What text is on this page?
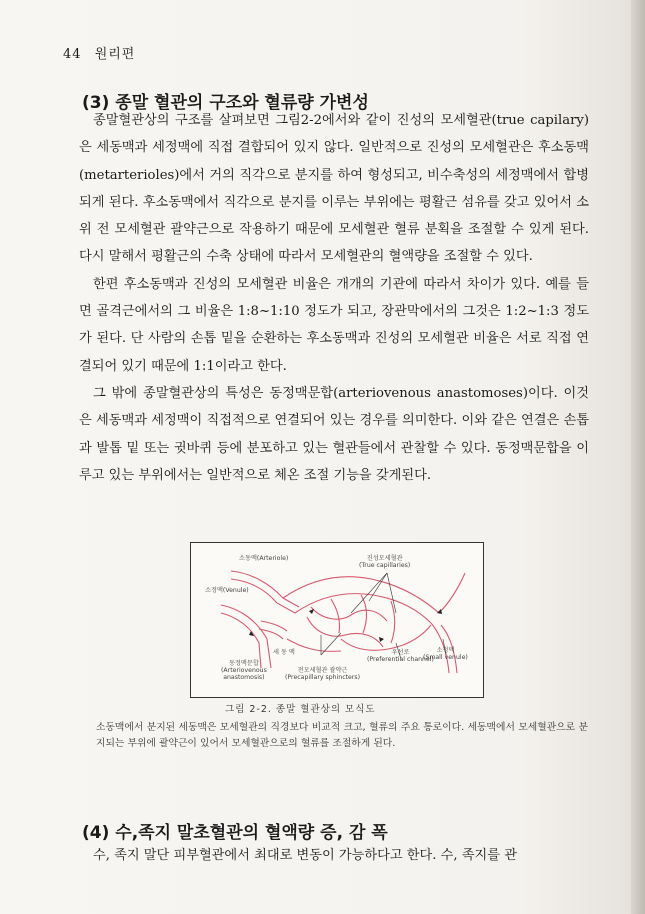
44 원리편
(3) 종말 혈관의 구조와 혈류량 가변성

종말혈관상의 구조를 살펴보면 그림2-2에서와 같이 진성의 모세혈관(true capilary)은 세동맥과 세정맥에 직접 결합되어 있지 않다. 일반적으로 진성의 모세혈관은 후소동맥(metarterioles)에서 거의 직각으로 분지를 하여 형성되고, 비수축성의 세정맥에서 합병되게 된다. 후소동맥에서 직각으로 분지를 이루는 부위에는 평활근 섬유를 갖고 있어서 소위 전 모세혈관 괄약근으로 작용하기 때문에 모세혈관 혈류 분획을 조절할 수 있게 된다. 다시 말해서 평활근의 수축 상태에 따라서 모세혈관의 혈액량을 조절할 수 있다.

한편 후소동맥과 진성의 모세혈관 비율은 개개의 기관에 따라서 차이가 있다. 예를 들면 골격근에서의 그 비율은 1:8~1:10 정도가 되고, 장관막에서의 그것은 1:2~1:3 정도가 된다. 단 사람의 손톱 밑을 순환하는 후소동맥과 진성의 모세혈관 비율은 서로 직접 연결되어 있기 때문에 1:1이라고 한다.

그 밖에 종말혈관상의 특성은 동정맥문합(arteriovenous anastomoses)이다. 이것은 세동맥과 세정맥이 직접적으로 연결되어 있는 경우를 의미한다. 이와 같은 연결은 손톱과 발톱 밑 또는 귓바퀴 등에 분포하고 있는 혈관들에서 관찰할 수 있다. 동정맥문합을 이루고 있는 부위에서는 일반적으로 체온 조절 기능을 갖게된다.

소동맥(Arteriole)
소정맥(Venule)
진성모세혈관
(True capillaries)
세 동 맥
동정맥문합
(Arteriovenous
anastomosis)
전모세혈관 괄약근
(Precapillary sphincters)
우선로
(Preferential channel)
소정맥
(Small venule)
그림 2-2. 종말 혈관상의 모식도
소동맥에서 분지된 세동맥은 모세혈관의 직경보다 비교적 크고, 혈류의 주요 통로이다. 세동맥에서 모세혈관으로 분지되는 부위에 괄약근이 있어서 모세혈관으로의 혈류를 조절하게 된다.
(4) 수,족지 말초혈관의 혈액량 증, 감 폭

수, 족지 말단 피부혈관에서 최대로 변동이 가능하다고 한다. 수, 족지를 관
